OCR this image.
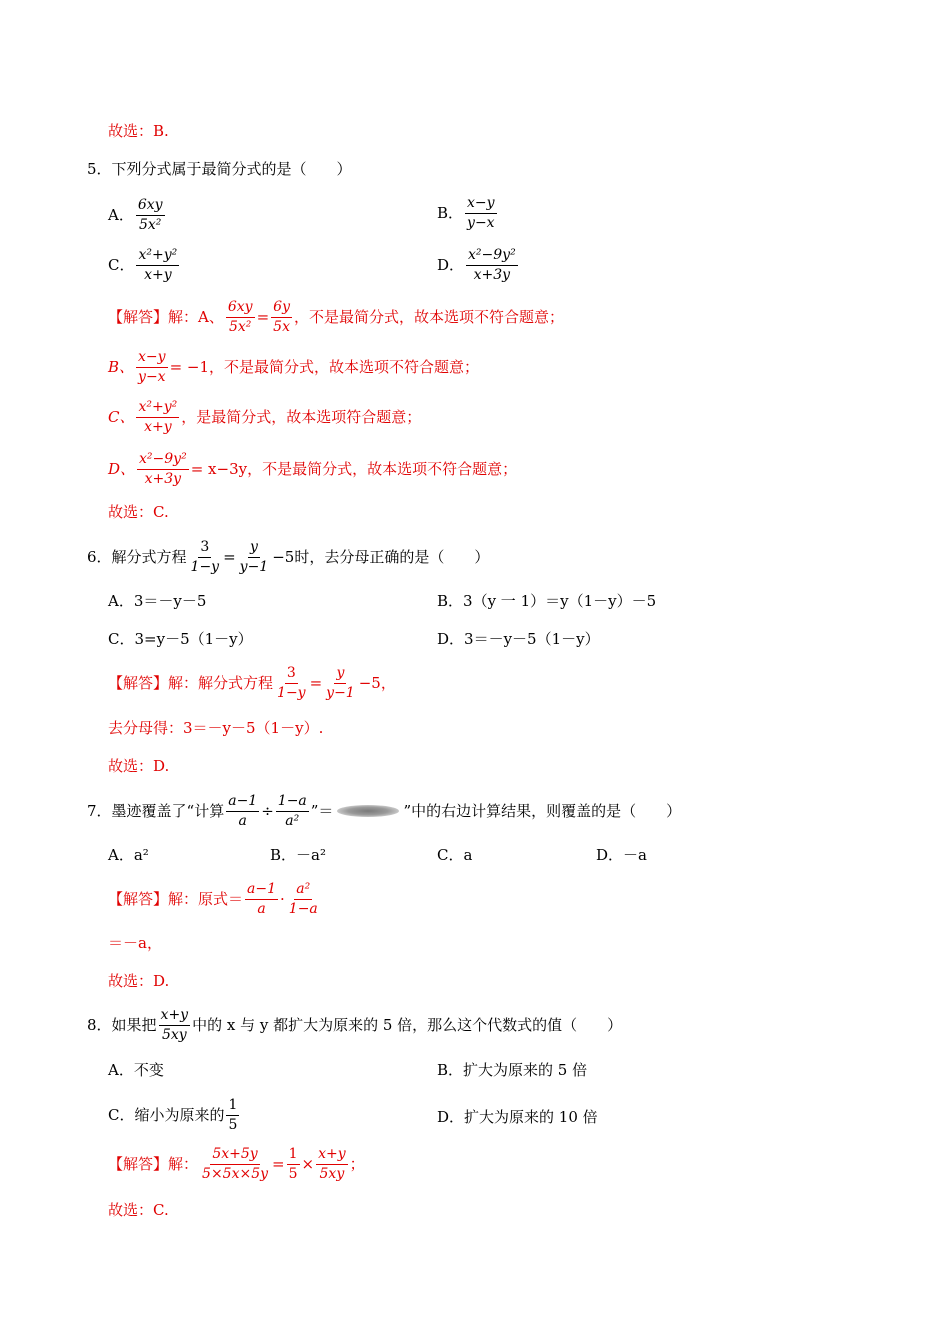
故选：B.
5．下列分式属于最简分式的是（　　）
A． $\frac{6xy}{\text{5x²}}$	B． $\frac{x-y}{y-x}$
C． $\frac{\text{x²+y²}}{x+y}$	D． $\frac{\text{x²−9y²}}{x+3y}$
【解答】 解：A、 $\frac{6xy}{\text{5x²}} = \frac{6y}{5x}$ ，不是最简分式，故本选项不符合题意；
B、 $\frac{x-y}{y-x} = -1$，不是最简分式，故本选项不符合题意；
C、 $\frac{\text{x²+y²}}{x+y}$ ，是最简分式，故本选项符合题意；
D、 $\frac{\text{x²−9y²}}{x+3y} = x-3y$，不是最简分式，故本选项不符合题意；
故选：C.
6．解分式方程 $\frac{3}{1-y} = \frac{y}{y-1} -5$时，去分母正确的是（　　）
A．3＝－y－5	B．3（y 一 1）＝y（1－y）－5
C．3=y－5（1－y）	D．3＝－y－5（1－y）
【解答】 解：解分式方程 $\frac{3}{1-y} = \frac{y}{y-1} -5$，
去分母得：3＝－y－5（1－y）.
故选：D.
7．墨迹覆盖了“计算 $\frac{a-1}{a} \div \frac{1-a}{\text{a²}}$ ”＝	”中的右边计算结果，则覆盖的是（　　）
A．a²	B．－a²	C．a	D．－a
【解答】 解：原式＝ $\frac{a-1}{a} \cdot \frac{\text{a²}}{1-a}$
＝－a，
故选：D.
8．如果把 $\frac{x+y}{5xy}$ 中的 x 与 y 都扩大为原来的 5 倍，那么这个代数式的值（　　）
A．不变	B．扩大为原来的 5 倍
C．缩小为原来的 $\frac{1}{5}$	D．扩大为原来的 10 倍
【解答】 解： $\frac{5x+5y}{5\times 5x\times 5y} = \frac{1}{5} \times \frac{x+y}{5xy}$ ；
故选：C.
